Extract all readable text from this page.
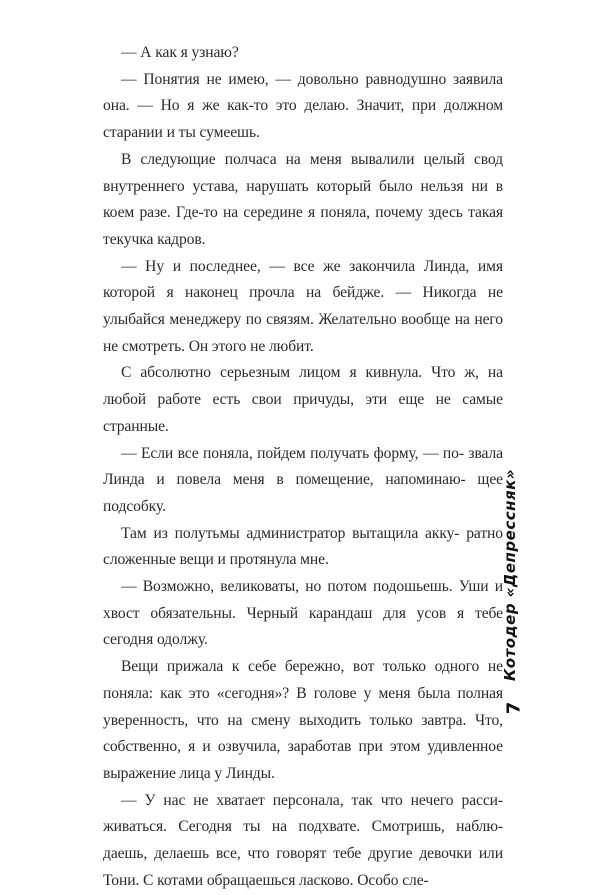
— А как я узнаю?
— Понятия не имею, — довольно равнодушно заявила она. — Но я же как-то это делаю. Значит, при должном старании и ты сумеешь.
В следующие полчаса на меня вывалили целый свод внутреннего устава, нарушать который было нельзя ни в коем разе. Где-то на середине я поняла, почему здесь такая текучка кадров.
— Ну и последнее, — все же закончила Линда, имя которой я наконец прочла на бейдже. — Никогда не улыбайся менеджеру по связям. Желательно вообще на него не смотреть. Он этого не любит.
С абсолютно серьезным лицом я кивнула. Что ж, на любой работе есть свои причуды, эти еще не самые странные.
— Если все поняла, пойдем получать форму, — по- звала Линда и повела меня в помещение, напоминаю- щее подсобку.
Там из полутьмы администратор вытащила акку- ратно сложенные вещи и протянула мне.
— Возможно, великоваты, но потом подошьешь. Уши и хвост обязательны. Черный карандаш для усов я тебе сегодня одолжу.
Вещи прижала к себе бережно, вот только одного не поняла: как это «сегодня»? В голове у меня была полная уверенность, что на смену выходить только завтра. Что, собственно, я и озвучила, заработав при этом удивленное выражение лица у Линды.
— У нас не хватает персонала, так что нечего расси- живаться. Сегодня ты на подхвате. Смотришь, наблю- даешь, делаешь все, что говорят тебе другие девочки или Тони. С котами обращаешься ласково. Особо сле-
Котодер «Депрессняк»
7
